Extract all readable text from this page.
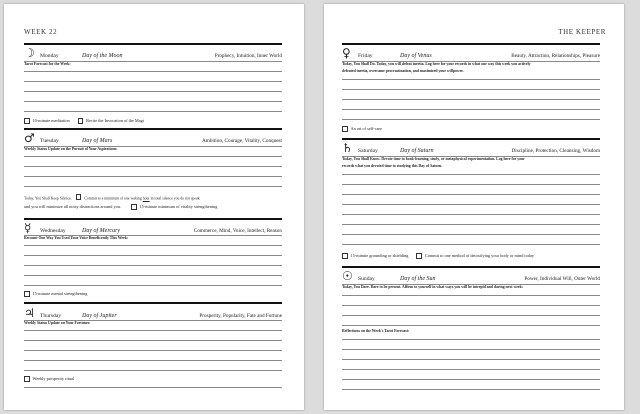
WEEK 22
☽ Monday	Day of the Moon	Prophecy, Intuition, Inner World
Tarot Forecast for the Week:
10-minute meditation	Recite the Invocation of the Magi
♂ Tuesday	Day of Mars	Ambition, Courage, Vitality, Conquest
Weekly Status Update on the Pursuit of Your Aspirations:
Today, You Shall Keep Silence.	Commit to a minimum of one waking hour in total silence you do not speak
and you will minimize all noisy distractions around you.	15-minute minimum of vitality strengthening
☿	Wednesday	Day of Mercury	Commerce, Mind, Voice, Intellect, Reason
Recount One Way You Used Your Voice Beneficently This Week:
15-minute mental strengthening
♃ Thursday	Day of Jupiter	Prosperity, Popularity, Fate and Fortune
Weekly Status Update on Your Fortunes:
Weekly prosperity ritual
THE KEEPER
♀	Friday	Day of Venus	Beauty, Attraction, Relationships, Pleasure
Today, You Shall Do. Today, you will defeat inertia. Log here for your records in what one way this week you actively
defeated inertia, overcame procrastination, and maximized your willpower.
An art of self-care
♄ Saturday	Day of Saturn	Discipline, Protection, Cleansing, Wisdom
Today, You Shall Know. Devote time to book-learning, study, or metaphysical experimentation. Log here for your
records what you devoted time to studying this Day of Saturn.
15-minute grounding or shielding	Commit to one method of detoxifying your body or mind today
☉ Sunday	Day of the Sun	Power, Individual Will, Outer World
Today, You Dare. Dare to be present. Affirm to yourself in what ways you will be intrepid and daring next week:
Reflections on the Week's Tarot Forecast:
